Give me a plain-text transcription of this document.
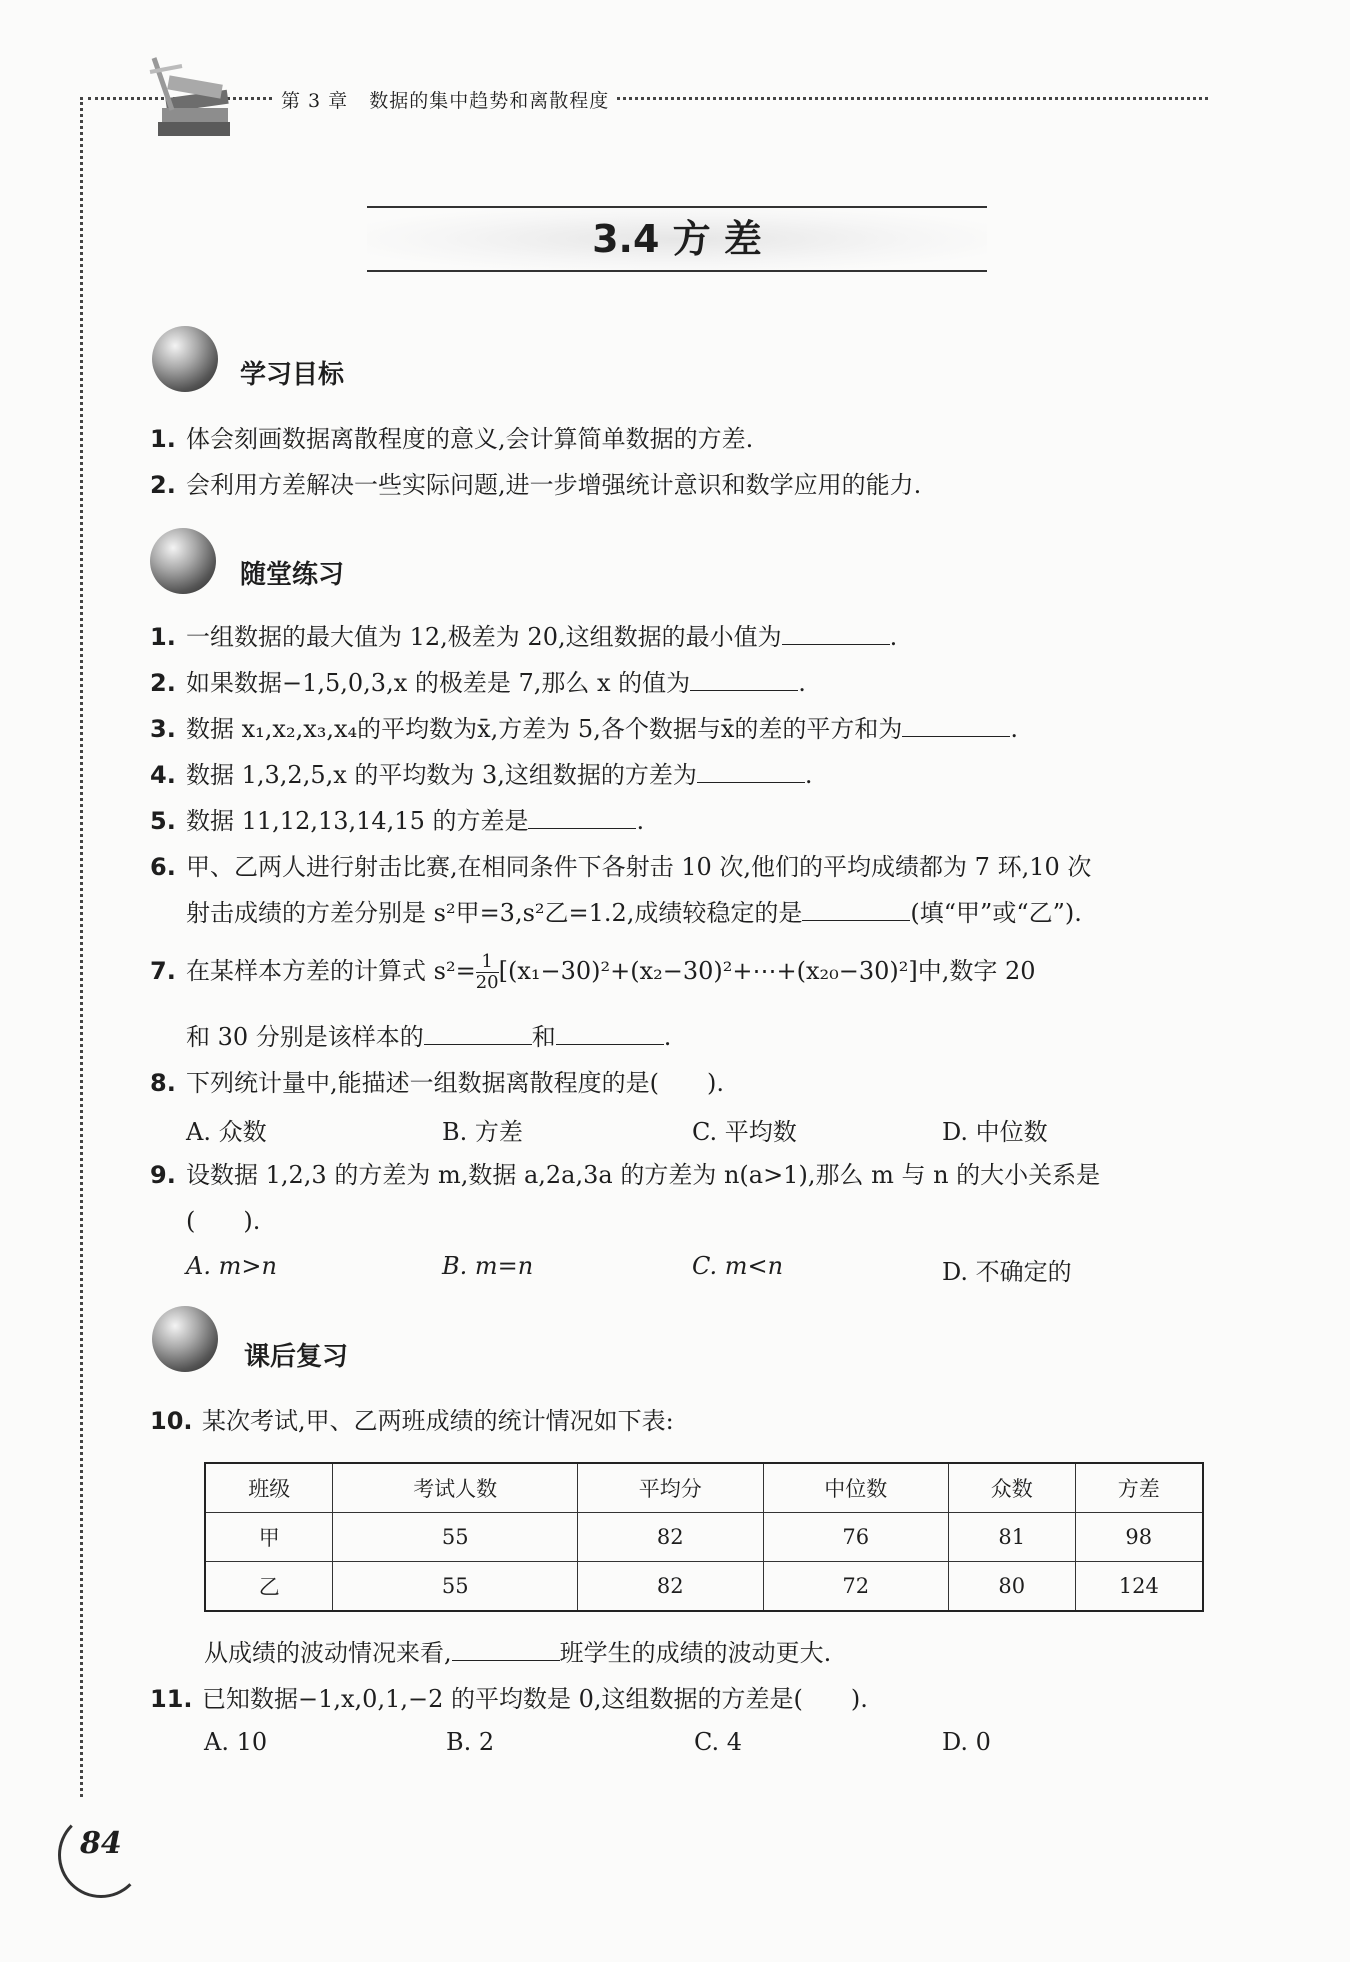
第 3 章 数据的集中趋势和离散程度
3.4 方 差
学习目标
1. 体会刻画数据离散程度的意义,会计算简单数据的方差.
2. 会利用方差解决一些实际问题,进一步增强统计意识和数学应用的能力.
随堂练习
1. 一组数据的最大值为 12,极差为 20,这组数据的最小值为	.
2. 如果数据−1,5,0,3,x 的极差是 7,那么 x 的值为	.
3. 数据 x₁,x₂,x₃,x₄的平均数为x̄,方差为 5,各个数据与x̄的差的平方和为	.
4. 数据 1,3,2,5,x 的平均数为 3,这组数据的方差为	.
5. 数据 11,12,13,14,15 的方差是	.
6. 甲、乙两人进行射击比赛,在相同条件下各射击 10 次,他们的平均成绩都为 7 环,10 次
射击成绩的方差分别是 s²甲=3,s²乙=1.2,成绩较稳定的是	(填“甲”或“乙”).
7. 在某样本方差的计算式 $s^2= \frac{1}{20}[(x_1-30)^2+(x_2-30)^2+\cdots+(x_{20}-30)^2]$中,数字 20
和 30 分别是该样本的	和	.
8. 下列统计量中,能描述一组数据离散程度的是(　　).
A. 众数	B. 方差	C. 平均数	D. 中位数
9. 设数据 1,2,3 的方差为 m,数据 a,2a,3a 的方差为 n(a>1),那么 m 与 n 的大小关系是
(　　).
A. m>n	B. m=n	C. m<n	D. 不确定的
课后复习
10. 某次考试,甲、乙两班成绩的统计情况如下表:
班级	考试人数	平均分	中位数	众数	方差
甲	55	82	76	81	98
乙	55	82	72	80	124
从成绩的波动情况来看,	班学生的成绩的波动更大.
11. 已知数据−1,x,0,1,−2 的平均数是 0,这组数据的方差是(　　).
A. 10	B. 2	C. 4	D. 0
84
